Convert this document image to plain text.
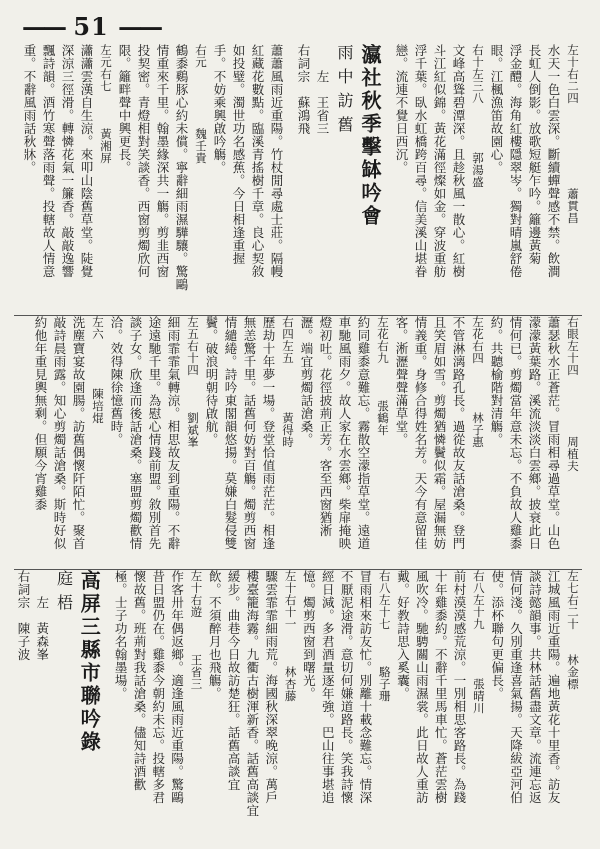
—— 51 ——
左十右二四　　　　　　　蕭貫昌
水天一色白雲深。斷續蟬聲感不禁。飲澗
長虹人倒影。放歌短艇乍吟。籬邊黃菊
浮金醴。海角紅樓隱翠岑。獨對晴嵐舒倦
眼。江楓漁笛故園心。
右十左三八　　　　郭湯盛
文峰高聳碧潭深。且趁秋風一散心。紅樹
斗江紅似錦。黃花滿徑燦如金。穿波重舫
浮千葉。臥水虹橋跨百尋。信美溪山堪眷
戀。流連不覺日西沉。
瀛社秋季擊缽吟會
雨中訪舊
　　左　王省三
右詞宗　蘇鴻飛
蕭蕭風雨近重陽。竹杖閒尋處士莊。隔幔
紅藏花數點。臨溪青搖樹千章。良心契敘
如投璧。濁世功名感蕉。今日相逢重握
手。不妨乘興啟吟觴。
右元　　　　　魏壬貴
鶴黍鷄豚心約未償。寧辭細雨濕驊驤。驚鷗
情重來千里。翰墨緣深共一觴。剪韭西窗
投契密。青燈相對笑談香。西窗剪燭欣何
限。籬畔聲中興更長。
左元右七　　　黃湘屏
瀟瀟雲漢自生涼。來叩山陰舊草堂。陡覺
深涼三徑滑。轉憐花氣一簾香。敲敲逸響
飄詩韻。酒竹寒聲落雨聲。投轄故人情意
重。不辭風雨話秋牀。
右眼左十四　　　　　周植夫
蕭瑟秋水正蒼茫。冒雨相尋過草堂。山色
濛濛黃葉路。溪流淡淡白雲鄉。披衰此日
情何已。剪燭當年意未忘。不負故人雞黍
約。共聽榆階對清觴。
左花右四　　　　林子惠
不管淋漓路孔長。過從故友話滄桑。登門
且笑眉如雪。剪燭猶憐鬢似霜。屋漏無妨
情義重。身修合得姓名芳。天今有意留佳
客。淅瀝聲聲滿草堂。
左花右九　　　張鶴年
約同雞黍意難忘。霧散空濛指草堂。遠道
車馳風雨夕。故人家在水雲鄉。柴扉掩映
燈初吐。花徑披荊正芳。客至西窗猶淅
瀝。端宜剪燭話滄桑。
右四左五　　　　黃得時
歷劫十年夢一場。登堂恰值雨茫茫。相逢
無恙驚千里。話舊何妨對百觴。燭剪西窗
情繾綣。詩吟東閣韻悠揚。莫嫌白髮侵雙
鬢。破浪明朝待啟航。
左五右十四　　　劉斌峯
細雨霏霏氣轉涼。相思故友到重陽。不辭
途遠馳千里。為慰心情踐前盟。敘別首先
談子女。欣逢而後話滄桑。塞盟剪燭歡情
洽。效得陳徐憶舊時。
左六　　　　陳培焜
洗塵寶宴故園腸。訪舊偶懷阡陌忙。聚首
敲詩晨雨露。知心剪燭話滄桑。斯時好似
約他年重見輿無剩。但願今宵雞黍
左七右二十　　林金標
江城風雨近重陽。遍地黃花十里香。訪友
談詩懿韻事。共林話舊盡文章。流連忘返
情何淺。久別重逢喜氣揚。天降紱亞河伯
使。添杯聯句更偏長。
右八左十九　　　　張晴川
前村漠漠感荒涼。一別相思客路長。為踐
十年雞黍約。不辭千里馬車忙。蒼茫雲樹
風吹冷。馳騁關山雨濕裳。此日故人重訪
戴。好教詩思入奚囊。
右八左十七　　　駱子珊
冒雨相來訪友忙。別離十載念難忘。情深
不厭泥途滑。意切何嫌道路長。笑我詩懷
經日減。多君酒量逐年強。巴山往事堪追
憶。燭剪西窗到曙光。
左十右十一　　　林杏藤
驟雲霏霏細雨荒。海國秋深翠晚涼。萬戶
樓臺籠海霧。九衢古樹渾新香。話舊高談宜
緩步。曲巷今日故訪楚狂。話舊高談宜
飲。不須醉月也飛觴。
左十右遊　　　王省三
作客卅年偶返鄉。適逢風雨近重陽。驚鷗
昔日盟仍在。雞黍今朝約未忘。投轄多君
懷故舊。班荊對我話滄桑。儘知詩酒歡
極。士子功名翰墨場。
高屏三縣市聯吟錄
庭梧
　　左　黃森峯
右詞宗　陳子波
